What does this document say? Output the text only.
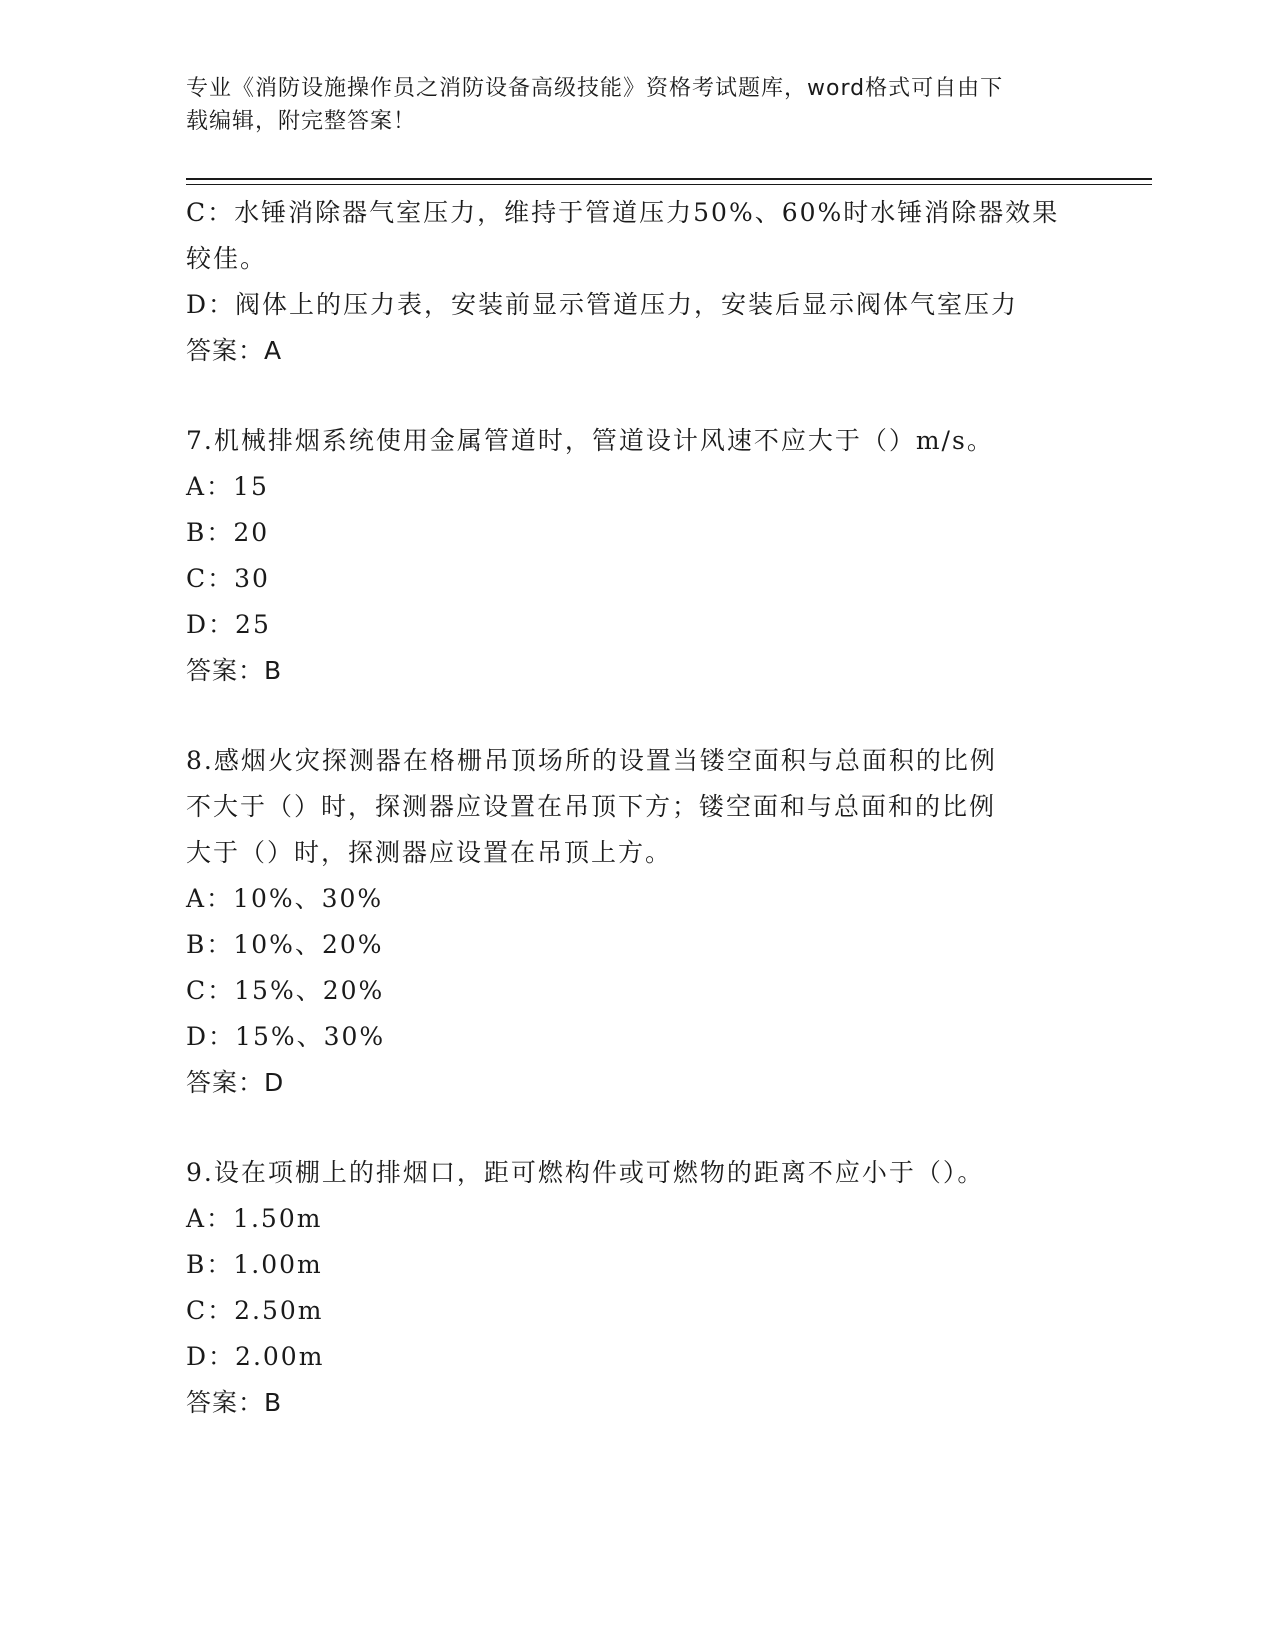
专业《消防设施操作员之消防设备高级技能》资格考试题库，word格式可自由下
载编辑，附完整答案！
C：水锤消除器气室压力，维持于管道压力50%、60%时水锤消除器效果
较佳。
D：阀体上的压力表，安装前显示管道压力，安装后显示阀体气室压力
答案：A
7.机械排烟系统使用金属管道时，管道设计风速不应大于（）m/s。
A：15
B：20
C：30
D：25
答案：B
8.感烟火灾探测器在格栅吊顶场所的设置当镂空面积与总面积的比例
不大于（）时，探测器应设置在吊顶下方；镂空面和与总面和的比例
大于（）时，探测器应设置在吊顶上方。
A：10%、30%
B：10%、20%
C：15%、20%
D：15%、30%
答案：D
9.设在项棚上的排烟口，距可燃构件或可燃物的距离不应小于（）。
A：1.50m
B：1.00m
C：2.50m
D：2.00m
答案：B
